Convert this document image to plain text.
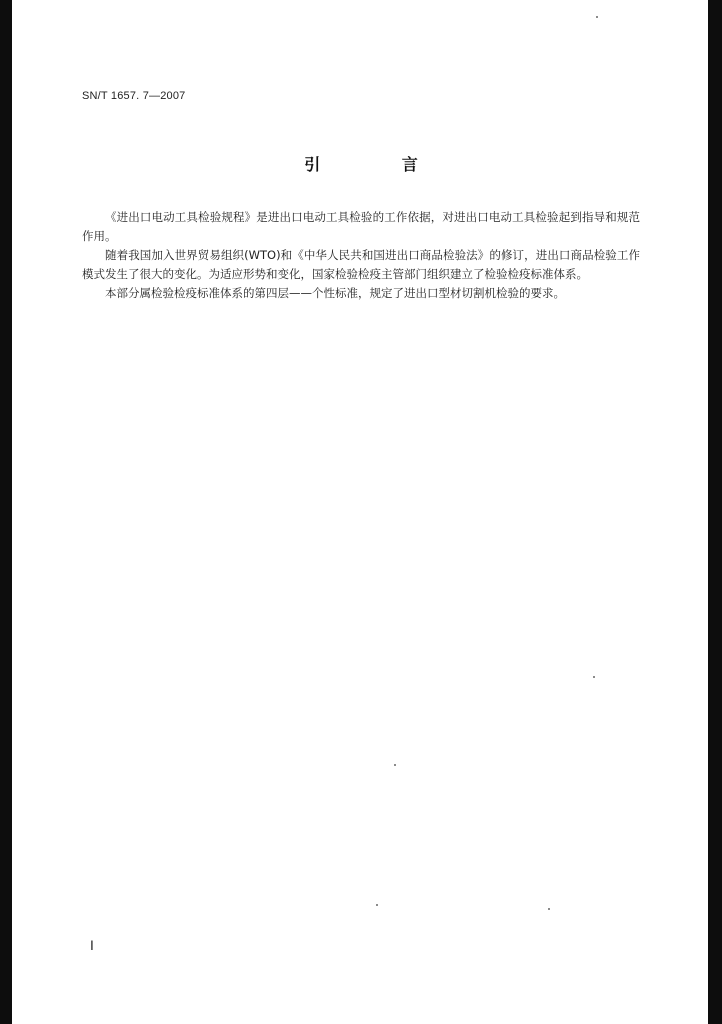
SN/T 1657. 7—2007
引 言

《进出口电动工具检验规程》是进出口电动工具检验的工作依据，对进出口电动工具检验起到指导和规范作用。

随着我国加入世界贸易组织(WTO)和《中华人民共和国进出口商品检验法》的修订，进出口商品检验工作模式发生了很大的变化。为适应形势和变化，国家检验检疫主管部门组织建立了检验检疫标准体系。

本部分属检验检疫标准体系的第四层——个性标准，规定了进出口型材切割机检验的要求。

Ⅰ
